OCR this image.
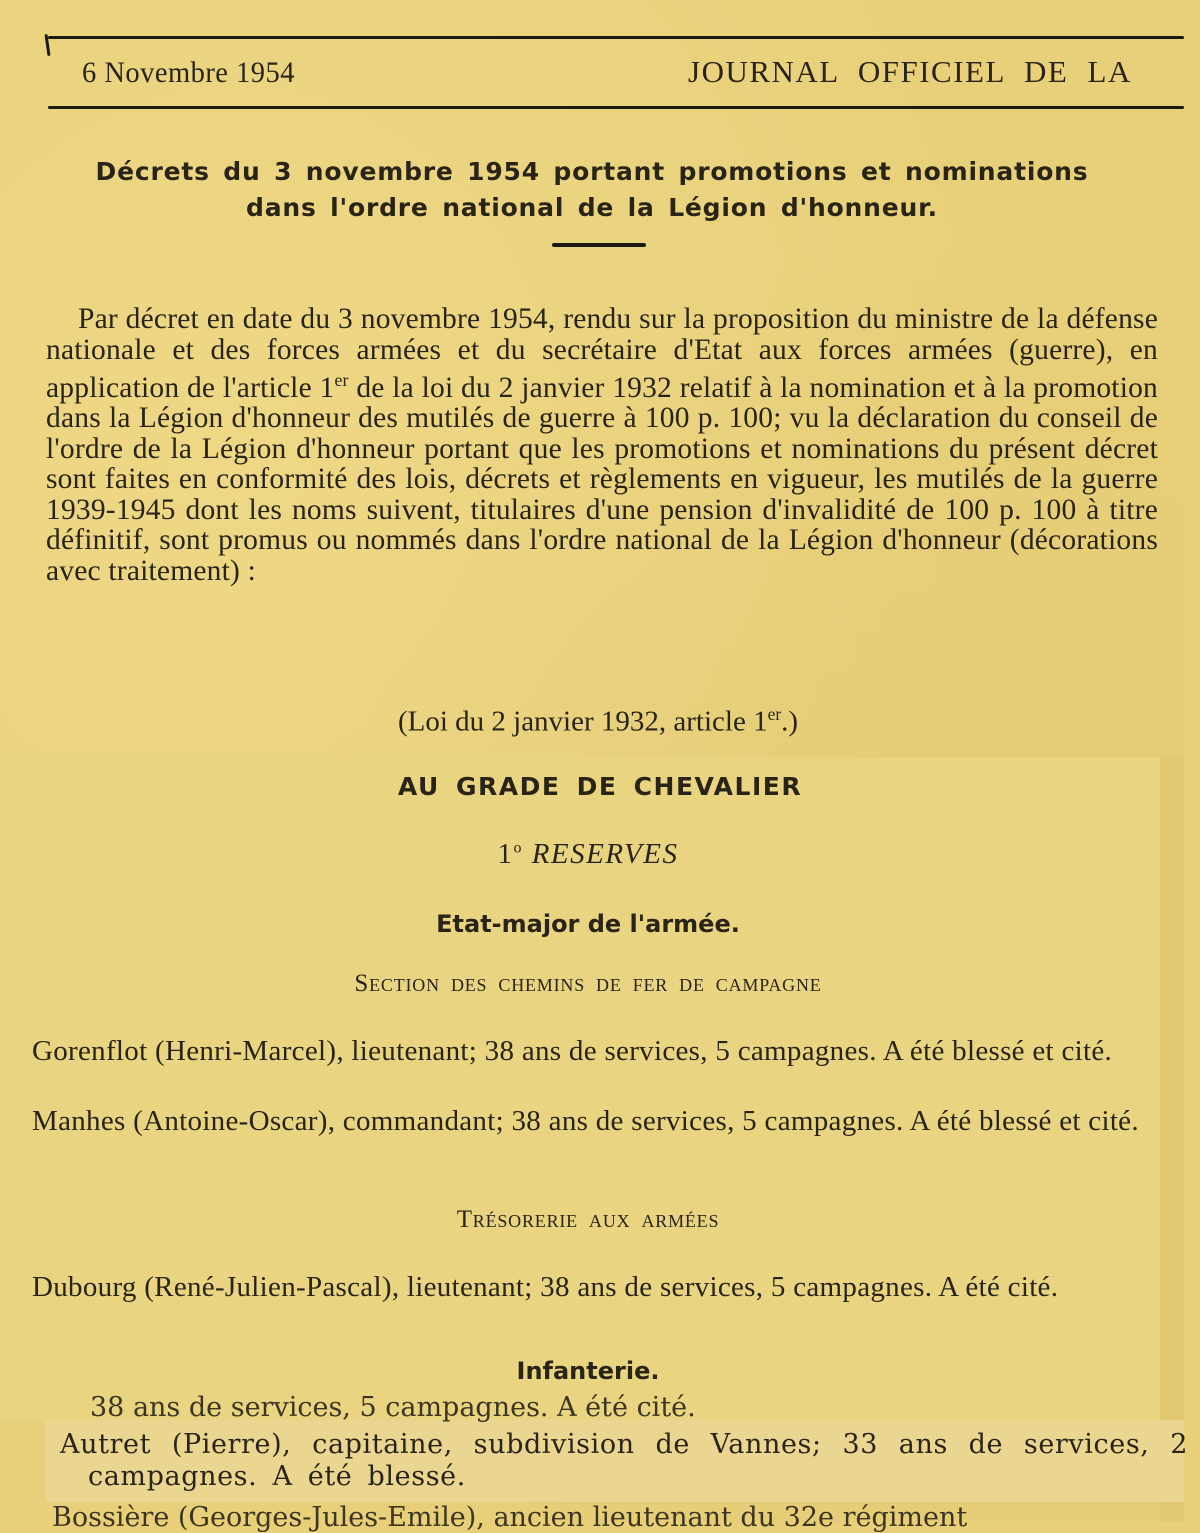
6 Novembre 1954	JOURNAL OFFICIEL DE LA
Décrets du 3 novembre 1954 portant promotions et nominations
dans l'ordre national de la Légion d'honneur.
Par décret en date du 3 novembre 1954, rendu sur la proposition du ministre de la défense nationale et des forces armées et du secrétaire d'Etat aux forces armées (guerre), en application de l'article 1er de la loi du 2 janvier 1932 relatif à la nomination et à la promotion dans la Légion d'honneur des mutilés de guerre à 100 p. 100; vu la déclaration du conseil de l'ordre de la Légion d'honneur portant que les promotions et nominations du présent décret sont faites en conformité des lois, décrets et règlements en vigueur, les mutilés de la guerre 1939-1945 dont les noms suivent, titulaires d'une pension d'invalidité de 100 p. 100 à titre définitif, sont promus ou nommés dans l'ordre national de la Légion d'honneur (décorations avec traitement) :
(Loi du 2 janvier 1932, article 1er.)
AU GRADE DE CHEVALIER
1$^o$ RESERVES
Etat-major de l'armée.
Section des chemins de fer de campagne
Gorenflot (Henri-Marcel), lieutenant; 38 ans de services, 5 campagnes. A été blessé et cité.
Manhes (Antoine-Oscar), commandant; 38 ans de services, 5 campagnes. A été blessé et cité.
Trésorerie aux armées
Dubourg (René-Julien-Pascal), lieutenant; 38 ans de services, 5 campagnes. A été cité.
Infanterie.
38 ans de services, 5 campagnes. A été cité.
Autret (Pierre), capitaine, subdivision de Vannes; 33 ans de services, 2 campagnes. A été blessé.
Bossière (Georges-Jules-Emile), ancien lieutenant du 32e régiment
